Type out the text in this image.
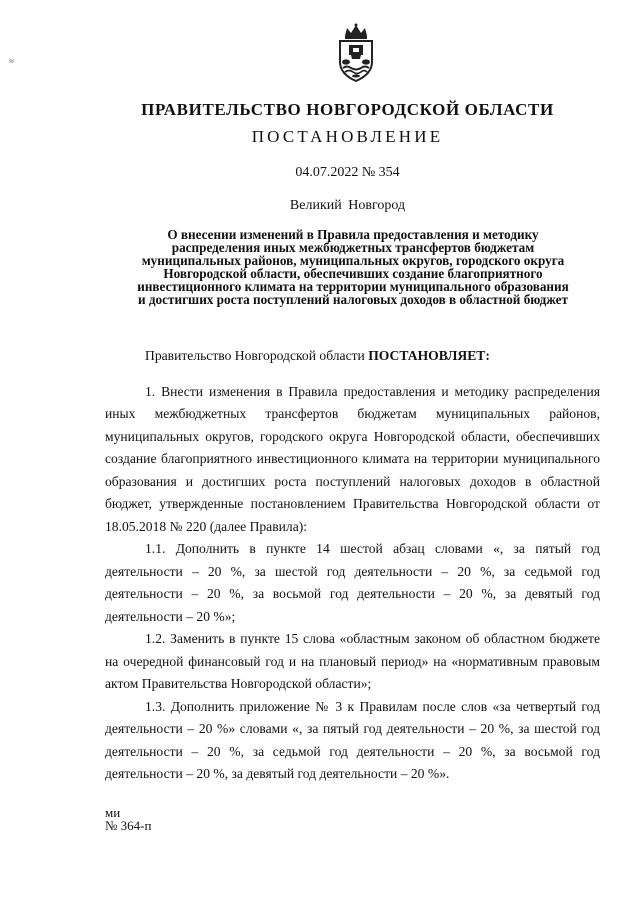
≈
ПРАВИТЕЛЬСТВО НОВГОРОДСКОЙ ОБЛАСТИ
ПОСТАНОВЛЕНИЕ
04.07.2022 № 354
Великий Новгород
О внесении изменений в Правила предоставления и методику
распределения иных межбюджетных трансфертов бюджетам
муниципальных районов, муниципальных округов, городского округа
Новгородской области, обеспечивших создание благоприятного
инвестиционного климата на территории муниципального образования
и достигших роста поступлений налоговых доходов в областной бюджет

Правительство Новгородской области ПОСТАНОВЛЯЕТ:

1. Внести изменения в Правила предоставления и методику распределения иных межбюджетных трансфертов бюджетам муниципальных районов, муниципальных округов, городского округа Новгородской области, обеспечивших создание благоприятного инвестиционного климата на территории муниципального образования и достигших роста поступлений налоговых доходов в областной бюджет, утвержденные постановлением Правительства Новгородской области от 18.05.2018 № 220 (далее Правила):

1.1. Дополнить в пункте 14 шестой абзац словами «, за пятый год деятельности – 20 %, за шестой год деятельности – 20 %, за седьмой год деятельности – 20 %, за восьмой год деятельности – 20 %, за девятый год деятельности – 20 %»;

1.2. Заменить в пункте 15 слова «областным законом об областном бюджете на очередной финансовый год и на плановый период» на «нормативным правовым актом Правительства Новгородской области»;

1.3. Дополнить приложение № 3 к Правилам после слов «за четвертый год деятельности – 20 %» словами «, за пятый год деятельности – 20 %, за шестой год деятельности – 20 %, за седьмой год деятельности – 20 %, за восьмой год деятельности – 20 %, за девятый год деятельности – 20 %».

ми
№ 364-п
